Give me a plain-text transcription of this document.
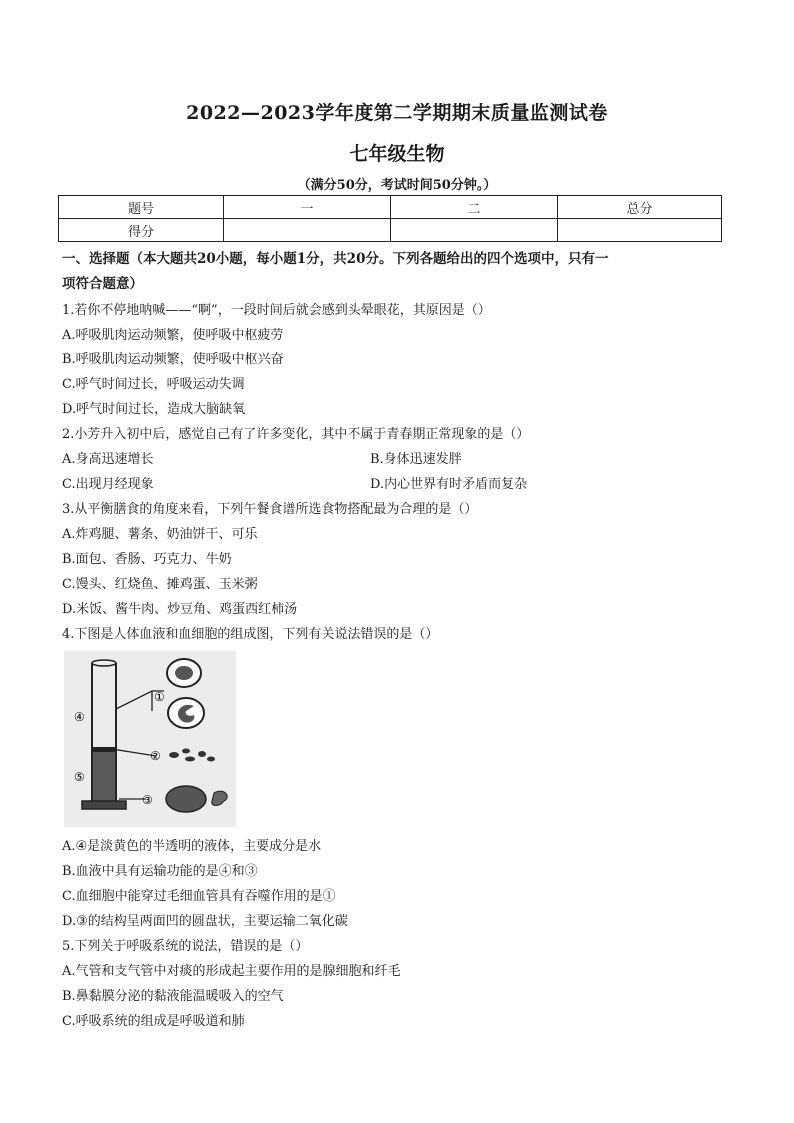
2022—2023学年度第二学期期末质量监测试卷
七年级生物
（满分50分，考试时间50分钟。）
题号	一	二	总分
得分			
一、选择题（本大题共20小题，每小题1分，共20分。下列各题给出的四个选项中，只有一
项符合题意）
1.若你不停地呐喊——“啊”，一段时间后就会感到头晕眼花，其原因是（）
A.呼吸肌肉运动频繁，使呼吸中枢疲劳
B.呼吸肌肉运动频繁，使呼吸中枢兴奋
C.呼气时间过长，呼吸运动失调
D.呼气时间过长，造成大脑缺氧
2.小芳升入初中后，感觉自己有了许多变化，其中不属于青春期正常现象的是（）
A.身高迅速增长	B.身体迅速发胖
C.出现月经现象	D.内心世界有时矛盾而复杂
3.从平衡膳食的角度来看，下列午餐食谱所选食物搭配最为合理的是（）
A.炸鸡腿、薯条、奶油饼干、可乐
B.面包、香肠、巧克力、牛奶
C.馒头、红烧鱼、摊鸡蛋、玉米粥
D.米饭、酱牛肉、炒豆角、鸡蛋西红柿汤
4.下图是人体血液和血细胞的组成图，下列有关说法错误的是（）
①
②
③
④
⑤
A.④是淡黄色的半透明的液体，主要成分是水
B.血液中具有运输功能的是④和③
C.血细胞中能穿过毛细血管具有吞噬作用的是①
D.③的结构呈两面凹的圆盘状，主要运输二氧化碳
5.下列关于呼吸系统的说法，错误的是（）
A.气管和支气管中对痰的形成起主要作用的是腺细胞和纤毛
B.鼻黏膜分泌的黏液能温暖吸入的空气
C.呼吸系统的组成是呼吸道和肺
